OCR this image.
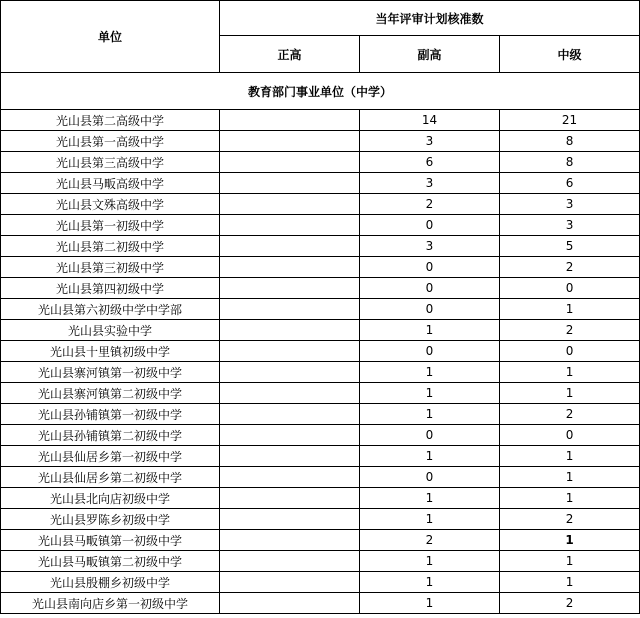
单位	当年评审计划核准数		
	正高	副高	中级
教育部门事业单位（中学）			
光山县第二高级中学		14	21
光山县第一高级中学		3	8
光山县第三高级中学		6	8
光山县马畈高级中学		3	6
光山县文殊高级中学		2	3
光山县第一初级中学		0	3
光山县第二初级中学		3	5
光山县第三初级中学		0	2
光山县第四初级中学		0	0
光山县第六初级中学中学部		0	1
光山县实验中学		1	2
光山县十里镇初级中学		0	0
光山县寨河镇第一初级中学		1	1
光山县寨河镇第二初级中学		1	1
光山县孙铺镇第一初级中学		1	2
光山县孙铺镇第二初级中学		0	0
光山县仙居乡第一初级中学		1	1
光山县仙居乡第二初级中学		0	1
光山县北向店初级中学		1	1
光山县罗陈乡初级中学		1	2
光山县马畈镇第一初级中学		2	1
光山县马畈镇第二初级中学		1	1
光山县殷棚乡初级中学		1	1
光山县南向店乡第一初级中学		1	2
